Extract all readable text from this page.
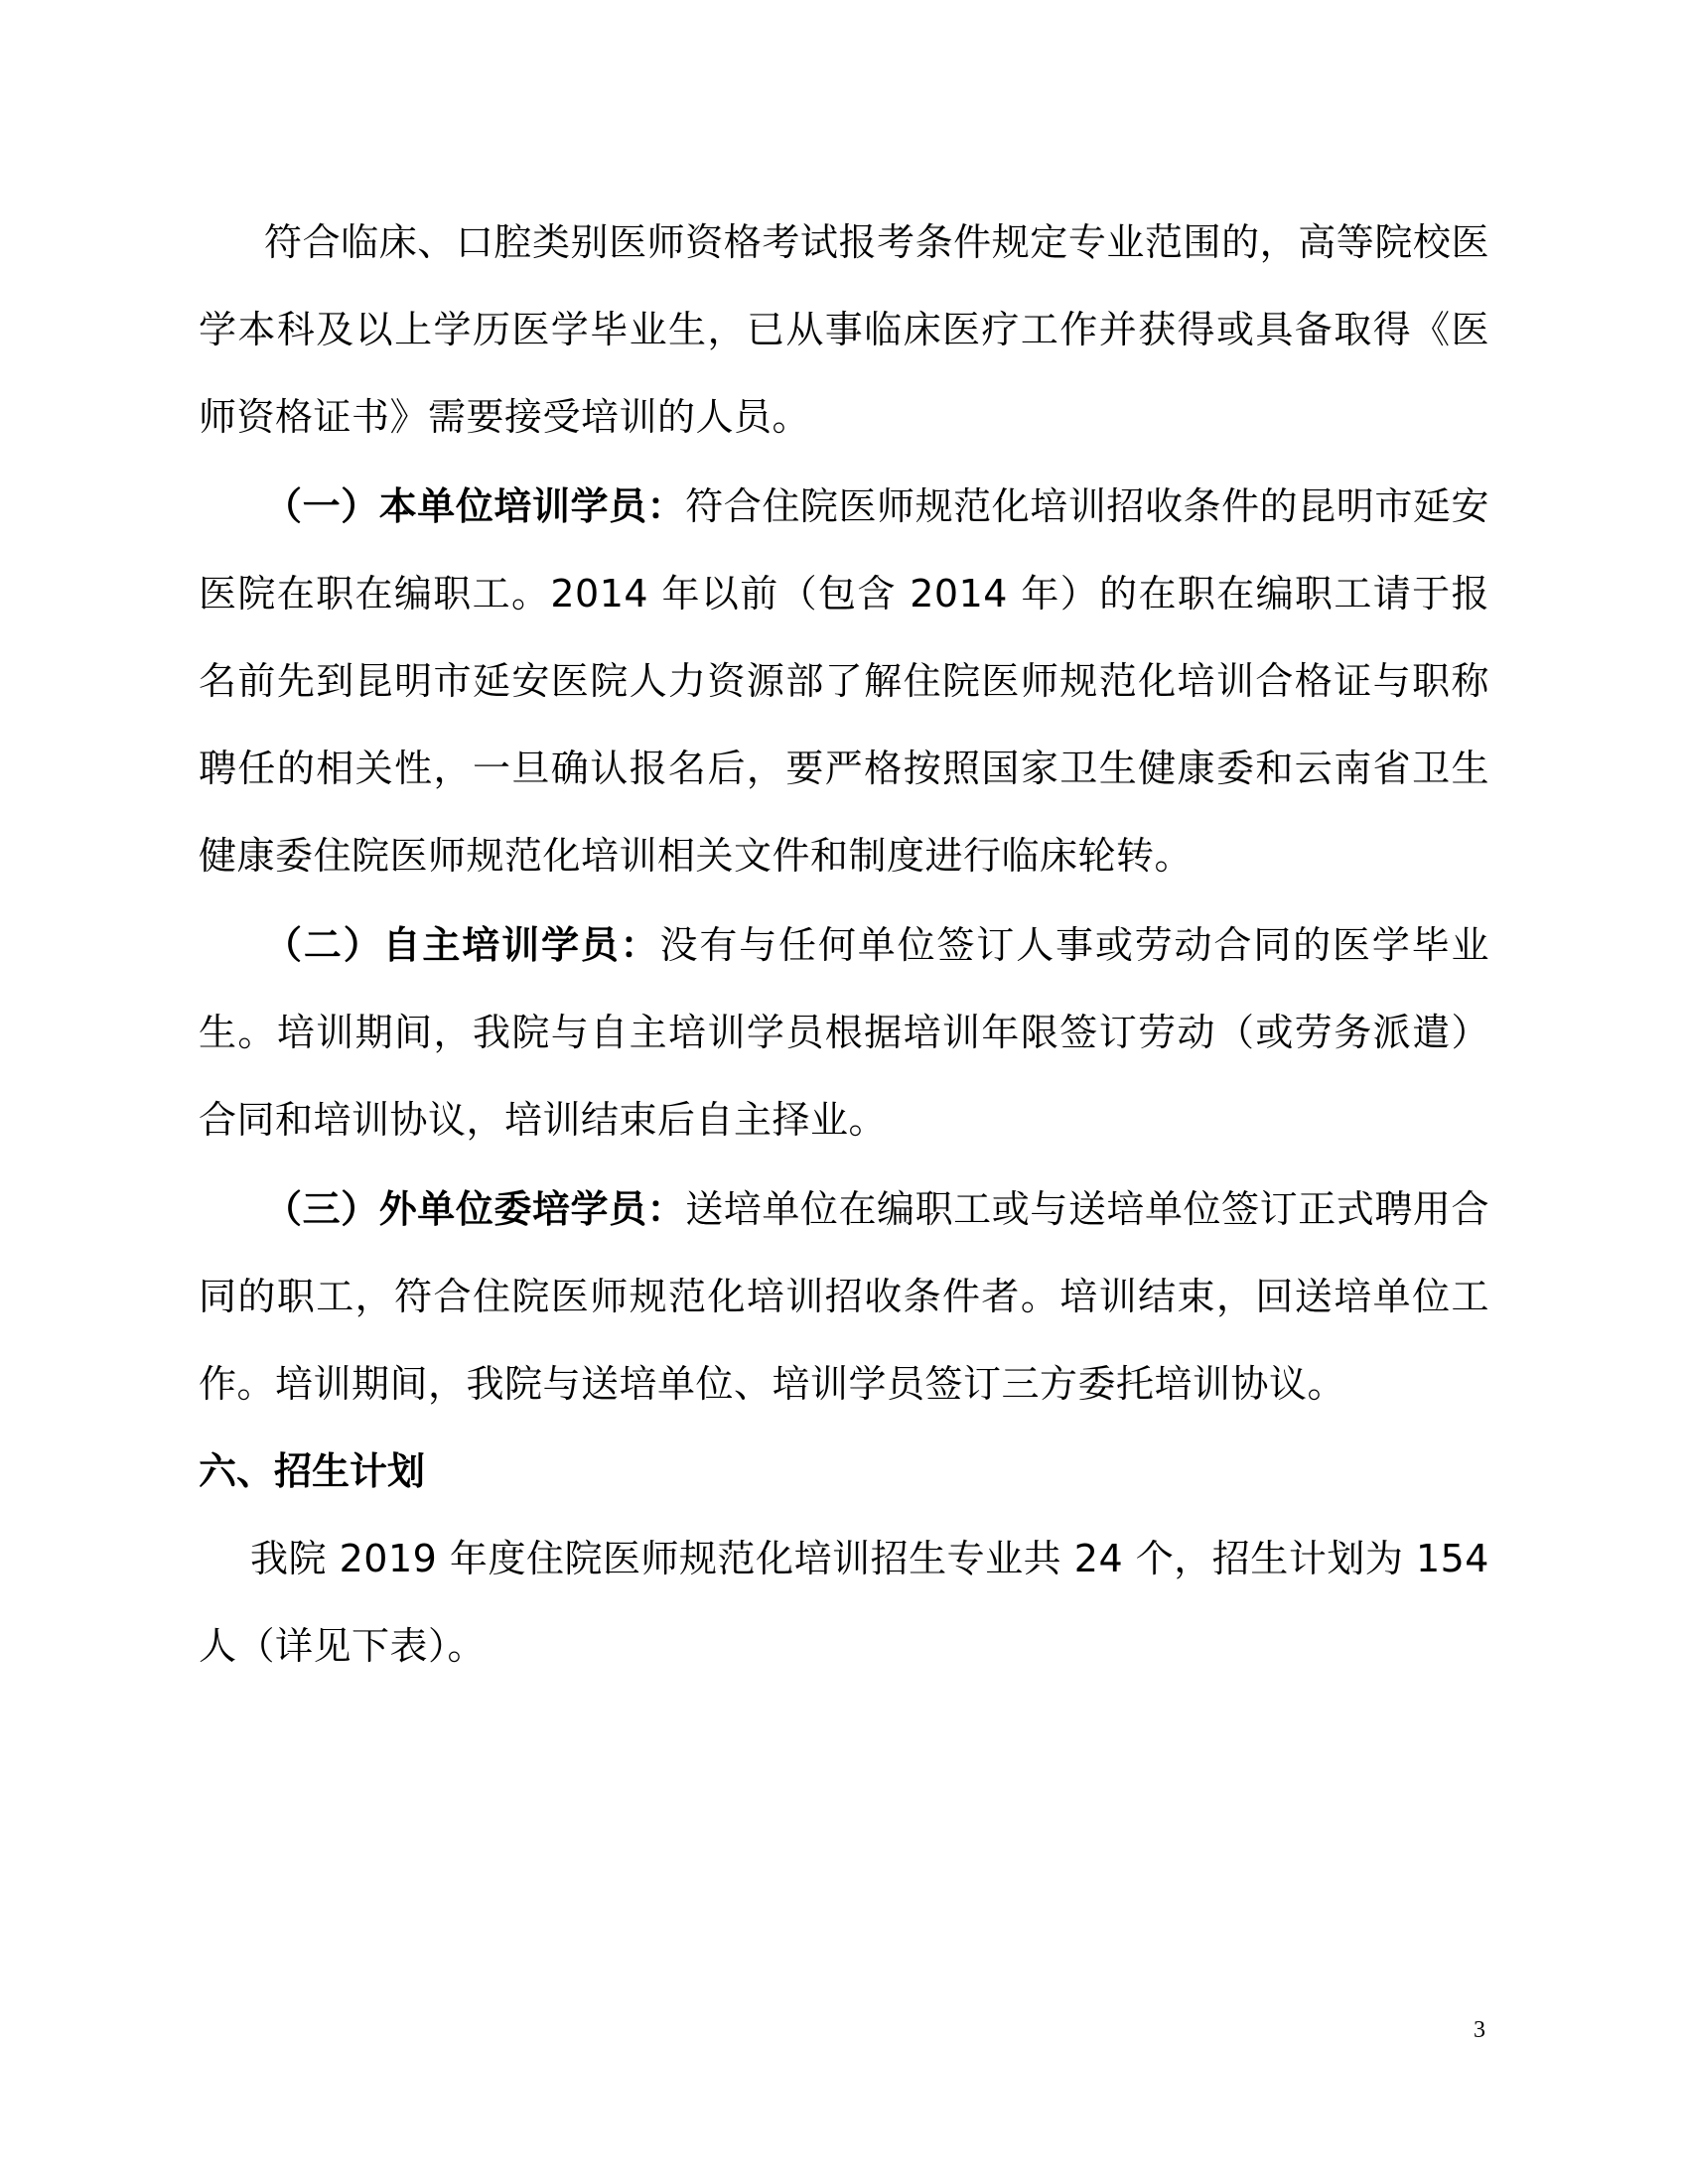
符合临床、口腔类别医师资格考试报考条件规定专业范围的，高等院校医学本科及以上学历医学毕业生，已从事临床医疗工作并获得或具备取得《医师资格证书》需要接受培训的人员。

（一）本单位培训学员：符合住院医师规范化培训招收条件的昆明市延安医院在职在编职工。2014 年以前（包含 2014 年）的在职在编职工请于报名前先到昆明市延安医院人力资源部了解住院医师规范化培训合格证与职称聘任的相关性，一旦确认报名后，要严格按照国家卫生健康委和云南省卫生健康委住院医师规范化培训相关文件和制度进行临床轮转。

（二）自主培训学员：没有与任何单位签订人事或劳动合同的医学毕业生。培训期间，我院与自主培训学员根据培训年限签订劳动（或劳务派遣）合同和培训协议，培训结束后自主择业。

（三）外单位委培学员：送培单位在编职工或与送培单位签订正式聘用合同的职工，符合住院医师规范化培训招收条件者。培训结束，回送培单位工作。培训期间，我院与送培单位、培训学员签订三方委托培训协议。

六、招生计划

我院 2019 年度住院医师规范化培训招生专业共 24 个，招生计划为 154 人（详见下表）。

3
